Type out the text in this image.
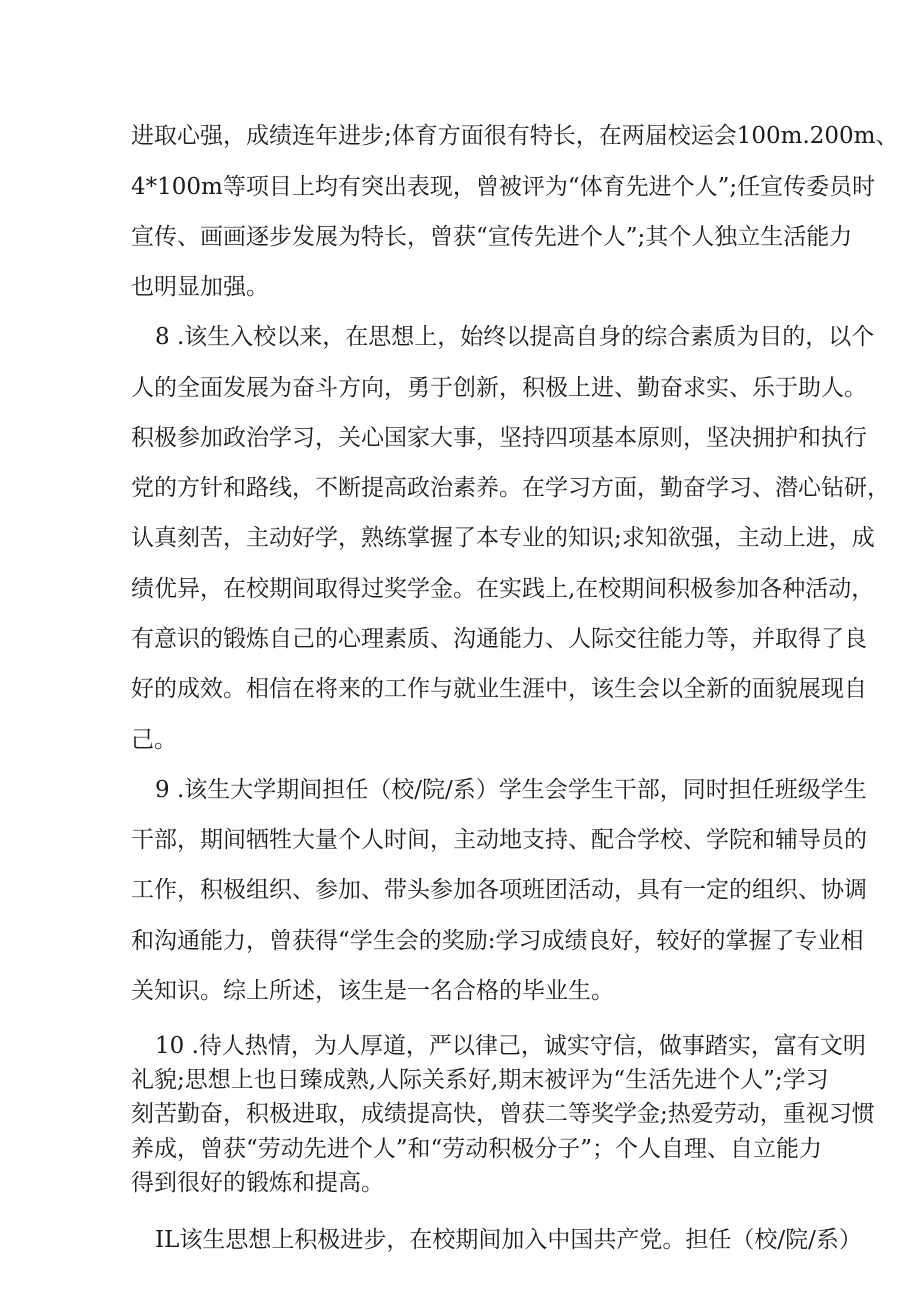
进取心强，成绩连年进步;体育方面很有特长，在两届校运会100m.200m、
4*100m等项目上均有突出表现，曾被评为“体育先进个人”;任宣传委员时
宣传、画画逐步发展为特长，曾获“宣传先进个人”;其个人独立生活能力
也明显加强。
8 .该生入校以来，在思想上，始终以提高自身的综合素质为目的，以个
人的全面发展为奋斗方向，勇于创新，积极上进、勤奋求实、乐于助人。
积极参加政治学习，关心国家大事，坚持四项基本原则，坚决拥护和执行
党的方针和路线，不断提高政治素养。在学习方面，勤奋学习、潜心钻研，
认真刻苦，主动好学，熟练掌握了本专业的知识;求知欲强，主动上进，成
绩优异，在校期间取得过奖学金。在实践上,在校期间积极参加各种活动，
有意识的锻炼自己的心理素质、沟通能力、人际交往能力等，并取得了良
好的成效。相信在将来的工作与就业生涯中，该生会以全新的面貌展现自
己。
9 .该生大学期间担任（校/院/系）学生会学生干部，同时担任班级学生
干部，期间牺牲大量个人时间，主动地支持、配合学校、学院和辅导员的
工作，积极组织、参加、带头参加各项班团活动，具有一定的组织、协调
和沟通能力，曾获得“学生会的奖励:学习成绩良好，较好的掌握了专业相
关知识。综上所述，该生是一名合格的毕业生。
10 .待人热情，为人厚道，严以律己，诚实守信，做事踏实，富有文明
礼貌;思想上也日臻成熟,人际关系好,期末被评为“生活先进个人”;学习
刻苦勤奋，积极进取，成绩提高快，曾获二等奖学金;热爱劳动，重视习惯
养成，曾获“劳动先进个人”和“劳动积极分子”；个人自理、自立能力
得到很好的锻炼和提高。
IL该生思想上积极进步，在校期间加入中国共产党。担任（校/院/系）
